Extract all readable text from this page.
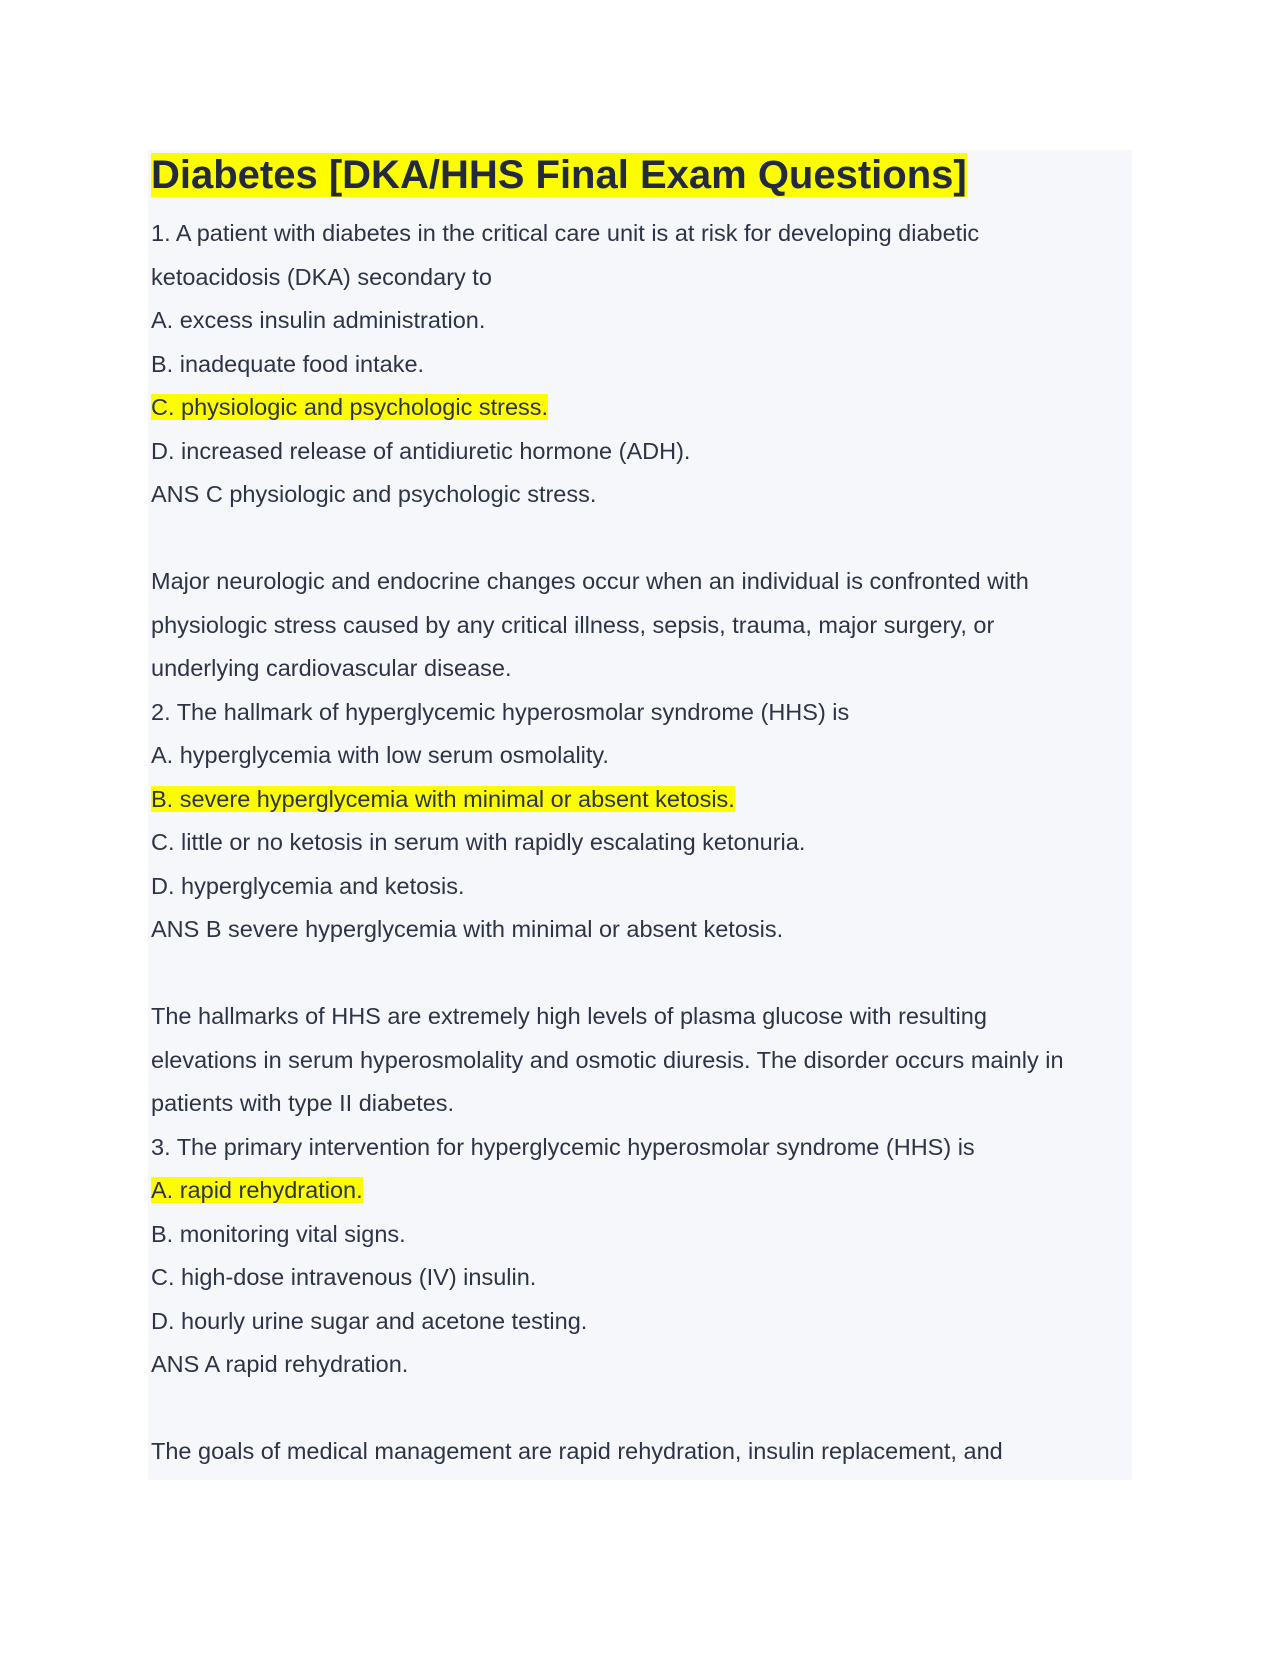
Diabetes [DKA/HHS Final Exam Questions]
1. A patient with diabetes in the critical care unit is at risk for developing diabetic
ketoacidosis (DKA) secondary to
A. excess insulin administration.
B. inadequate food intake.
C. physiologic and psychologic stress.
D. increased release of antidiuretic hormone (ADH).
ANS C physiologic and psychologic stress.
Major neurologic and endocrine changes occur when an individual is confronted with
physiologic stress caused by any critical illness, sepsis, trauma, major surgery, or
underlying cardiovascular disease.
2. The hallmark of hyperglycemic hyperosmolar syndrome (HHS) is
A. hyperglycemia with low serum osmolality.
B. severe hyperglycemia with minimal or absent ketosis.
C. little or no ketosis in serum with rapidly escalating ketonuria.
D. hyperglycemia and ketosis.
ANS B severe hyperglycemia with minimal or absent ketosis.
The hallmarks of HHS are extremely high levels of plasma glucose with resulting
elevations in serum hyperosmolality and osmotic diuresis. The disorder occurs mainly in
patients with type II diabetes.
3. The primary intervention for hyperglycemic hyperosmolar syndrome (HHS) is
A. rapid rehydration.
B. monitoring vital signs.
C. high-dose intravenous (IV) insulin.
D. hourly urine sugar and acetone testing.
ANS A rapid rehydration.
The goals of medical management are rapid rehydration, insulin replacement, and
